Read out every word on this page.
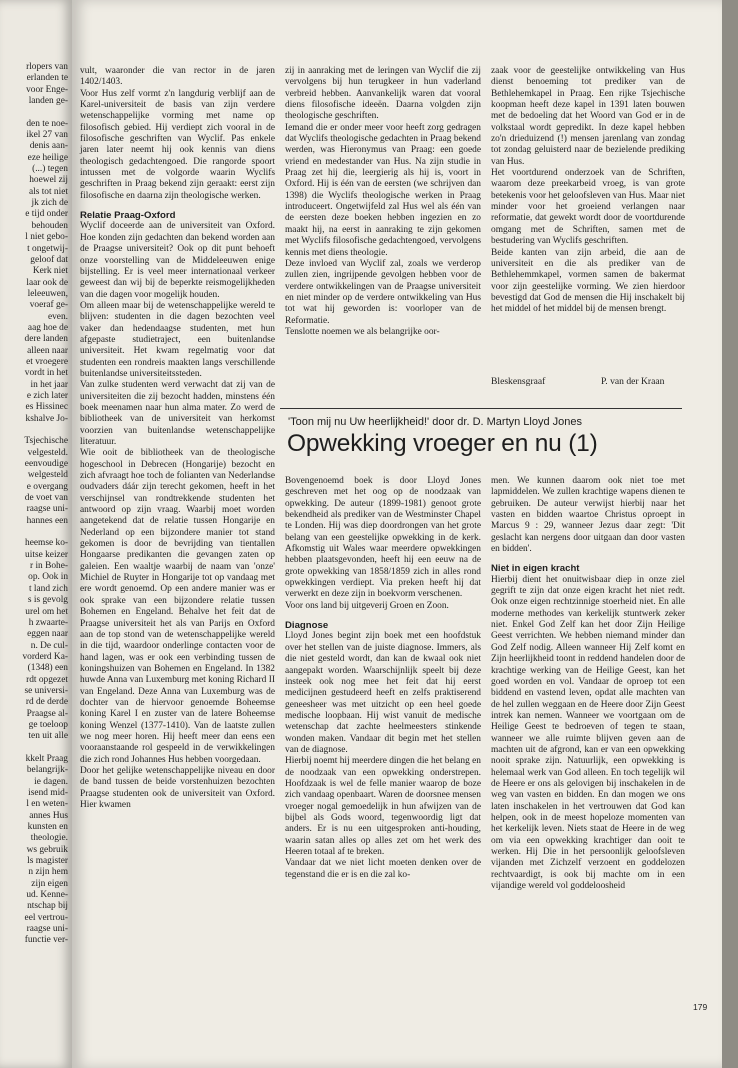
rlopers van
erlanden te
voor Enge-
landen ge-

den te noe-
ikel 27 van
denis aan-
eze heilige
(...) tegen
hoewel zij
als tot niet
jk zich de
e tijd onder
behouden
l niet gebo-
t ongetwij-
geloof dat
Kerk niet
laar ook de
leleeuwen,
voeraf ge-
even.
aag hoe de
dere landen
alleen naar
et vroegere
vordt in het
in het jaar
e zich later
es Hissinec
kshalve Jo-

Tsjechische
velgesteld.
eenvoudige
welgesteld
e overgang
de voet van
raagse uni-
hannes een

heemse ko-
uitse keizer
r in Bohe-
op. Ook in
t land zich
s is gevolg
urel om het
h zwaarte-
eggen naar
n. De cul-
vorderd Ka-
(1348) een
rdt opgezet
se universi-
rd de derde
Praagse al-
ge toeloop
ten uit alle

kkelt Praag
belangrijk-
ie dagen.
isend mid-
l en weten-
annes Hus
kunsten en
theologie.
ws gebruik
ls magister
n zijn hem
zijn eigen
ud. Kenne-
ntschap bij
eel vertrou-
raagse uni-
functie ver-

vult, waaronder die van rector in de jaren 1402/1403.

Voor Hus zelf vormt z'n langdurig verblijf aan de Karel-universiteit de basis van zijn verdere wetenschappelijke vorming met name op filosofisch gebied. Hij verdiept zich vooral in de filosofische geschriften van Wyclif. Pas enkele jaren later neemt hij ook kennis van diens theologisch gedachtengoed. Die rangorde spoort intussen met de volgorde waarin Wyclifs geschriften in Praag bekend zijn geraakt: eerst zijn filosofische en daarna zijn theologische werken.

Relatie Praag-Oxford

Wyclif doceerde aan de universiteit van Oxford. Hoe konden zijn gedachten dan bekend worden aan de Praagse universiteit? Ook op dit punt behoeft onze voorstelling van de Middeleeuwen enige bijstelling. Er is veel meer internationaal verkeer geweest dan wij bij de beperkte reismogelijkheden van die dagen voor mogelijk houden.

Om alleen maar bij de wetenschappelijke wereld te blijven: studenten in die dagen bezochten veel vaker dan hedendaagse studenten, met hun afgepaste studietraject, een buitenlandse universiteit. Het kwam regelmatig voor dat studenten een rondreis maakten langs verschillende buitenlandse universiteitssteden.

Van zulke studenten werd verwacht dat zij van de universiteiten die zij bezocht hadden, minstens één boek meenamen naar hun alma mater. Zo werd de bibliotheek van de universiteit van herkomst voorzien van buitenlandse wetenschappelijke literatuur.

Wie ooit de bibliotheek van de theologische hogeschool in Debrecen (Hongarije) bezocht en zich afvraagt hoe toch de folianten van Nederlandse oudvaders dáár zijn terecht gekomen, heeft in het verschijnsel van rondtrekkende studenten het antwoord op zijn vraag. Waarbij moet worden aangetekend dat de relatie tussen Hongarije en Nederland op een bijzondere manier tot stand gekomen is door de bevrijding van tientallen Hongaarse predikanten die gevangen zaten op galeien. Een waaltje waarbij de naam van 'onze' Michiel de Ruyter in Hongarije tot op vandaag met ere wordt genoemd. Op een andere manier was er ook sprake van een bijzondere relatie tussen Bohemen en Engeland. Behalve het feit dat de Praagse universiteit het als van Parijs en Oxford aan de top stond van de wetenschappelijke wereld in die tijd, waardoor onderlinge contacten voor de hand lagen, was er ook een verbinding tussen de koningshuizen van Bohemen en Engeland. In 1382 huwde Anna van Luxemburg met koning Richard II van Engeland. Deze Anna van Luxemburg was de dochter van de hiervoor genoemde Boheemse koning Karel I en zuster van de latere Boheemse koning Wenzel (1377-1410). Van de laatste zullen we nog meer horen. Hij heeft meer dan eens een vooraanstaande rol gespeeld in de verwikkelingen die zich rond Johannes Hus hebben voorgedaan.

Door het gelijke wetenschappelijke niveau en door de band tussen de beide vorstenhuizen bezochten Praagse studenten ook de universiteit van Oxford. Hier kwamen

zij in aanraking met de leringen van Wyclif die zij vervolgens bij hun terugkeer in hun vaderland verbreid hebben. Aanvankelijk waren dat vooral diens filosofische ideeën. Daarna volgden zijn theologische geschriften.

Iemand die er onder meer voor heeft zorg gedragen dat Wyclifs theologische gedachten in Praag bekend werden, was Hieronymus van Praag: een goede vriend en medestander van Hus. Na zijn studie in Praag zet hij die, leergierig als hij is, voort in Oxford. Hij is één van de eersten (we schrijven dan 1398) die Wyclifs theologische werken in Praag introduceert. Ongetwijfeld zal Hus wel als één van de eersten deze boeken hebben ingezien en zo maakt hij, na eerst in aanraking te zijn gekomen met Wyclifs filosofische gedachtengoed, vervolgens kennis met diens theologie.

Deze invloed van Wyclif zal, zoals we verderop zullen zien, ingrijpende gevolgen hebben voor de verdere ontwikkelingen van de Praagse universiteit en niet minder op de verdere ontwikkeling van Hus tot wat hij geworden is: voorloper van de Reformatie.

Tenslotte noemen we als belangrijke oor-

zaak voor de geestelijke ontwikkeling van Hus dienst benoeming tot prediker van de Bethlehemkapel in Praag. Een rijke Tsjechische koopman heeft deze kapel in 1391 laten bouwen met de bedoeling dat het Woord van God er in de volkstaal wordt gepredikt. In deze kapel hebben zo'n drieduizend (!) mensen jarenlang van zondag tot zondag geluisterd naar de bezielende prediking van Hus.

Het voortdurend onderzoek van de Schriften, waarom deze preekarbeid vroeg, is van grote betekenis voor het geloofsleven van Hus. Maar niet minder voor het groeiend verlangen naar reformatie, dat gewekt wordt door de voortdurende omgang met de Schriften, samen met de bestudering van Wyclifs geschriften.

Beide kanten van zijn arbeid, die aan de universiteit en die als prediker van de Bethlehemmkapel, vormen samen de bakermat voor zijn geestelijke vorming. We zien hierdoor bevestigd dat God de mensen die Hij inschakelt bij het middel of het middel bij de mensen brengt.

Bleskensgraaf	P. van der Kraan

Bovengenoemd boek is door Lloyd Jones geschreven met het oog op de noodzaak van opwekking. De auteur (1899-1981) genoot grote bekendheid als prediker van de Westminster Chapel te Londen. Hij was diep doordrongen van het grote belang van een geestelijke opwekking in de kerk. Afkomstig uit Wales waar meerdere opwekkingen hebben plaatsgevonden, heeft hij een eeuw na de grote opwekking van 1858/1859 zich in alles rond opwekkingen verdiept. Via preken heeft hij dat verwerkt en deze zijn in boekvorm verschenen.

Voor ons land bij uitgeverij Groen en Zoon.

Diagnose

Lloyd Jones begint zijn boek met een hoofdstuk over het stellen van de juiste diagnose. Immers, als die niet gesteld wordt, dan kan de kwaal ook niet aangepakt worden. Waarschijnlijk speelt bij deze insteek ook nog mee het feit dat hij eerst medicijnen gestudeerd heeft en zelfs praktiserend geneesheer was met uitzicht op een heel goede medische loopbaan. Hij wist vanuit de medische wetenschap dat zachte heelmeesters stinkende wonden maken. Vandaar dit begin met het stellen van de diagnose.

Hierbij noemt hij meerdere dingen die het belang en de noodzaak van een opwekking onderstrepen. Hoofdzaak is wel de felle manier waarop de boze zich vandaag openbaart. Waren de doorsnee mensen vroeger nogal gemoedelijk in hun afwijzen van de bijbel als Gods woord, tegenwoordig ligt dat anders. Er is nu een uitgesproken anti-houding, waarin satan alles op alles zet om het werk des Heeren totaal af te breken.

Vandaar dat we niet licht moeten denken over de tegenstand die er is en die zal ko-

men. We kunnen daarom ook niet toe met lapmiddelen. We zullen krachtige wapens dienen te gebruiken. De auteur verwijst hierbij naar het vasten en bidden waartoe Christus oproept in Marcus 9 : 29, wanneer Jezus daar zegt: 'Dit geslacht kan nergens door uitgaan dan door vasten en bidden'.

Niet in eigen kracht

Hierbij dient het onuitwisbaar diep in onze ziel gegrift te zijn dat onze eigen kracht het niet redt. Ook onze eigen rechtzinnige stoerheid niet. En alle moderne methodes van kerkelijk stuntwerk zeker niet. Enkel God Zelf kan het door Zijn Heilige Geest verrichten. We hebben niemand minder dan God Zelf nodig. Alleen wanneer Hij Zelf komt en Zijn heerlijkheid toont in reddend handelen door de krachtige werking van de Heilige Geest, kan het goed worden en vol. Vandaar de oproep tot een biddend en vastend leven, opdat alle machten van de hel zullen weggaan en de Heere door Zijn Geest intrek kan nemen. Wanneer we voortgaan om de Heilige Geest te bedroeven of tegen te staan, wanneer we alle ruimte blijven geven aan de machten uit de afgrond, kan er van een opwekking nooit sprake zijn. Natuurlijk, een opwekking is helemaal werk van God alleen. En toch tegelijk wil de Heere er ons als gelovigen bij inschakelen in de weg van vasten en bidden. En dan mogen we ons laten inschakelen in het vertrouwen dat God kan helpen, ook in de meest hopeloze momenten van het kerkelijk leven. Niets staat de Heere in de weg om via een opwekking krachtiger dan ooit te werken. Hij Die in het persoonlijk geloofsleven vijanden met Zichzelf verzoent en goddelozen rechtvaardigt, is ook bij machte om in een vijandige wereld vol goddeloosheid

'Toon mij nu Uw heerlijkheid!' door dr. D. Martyn Lloyd Jones
Opwekking vroeger en nu (1)
179
